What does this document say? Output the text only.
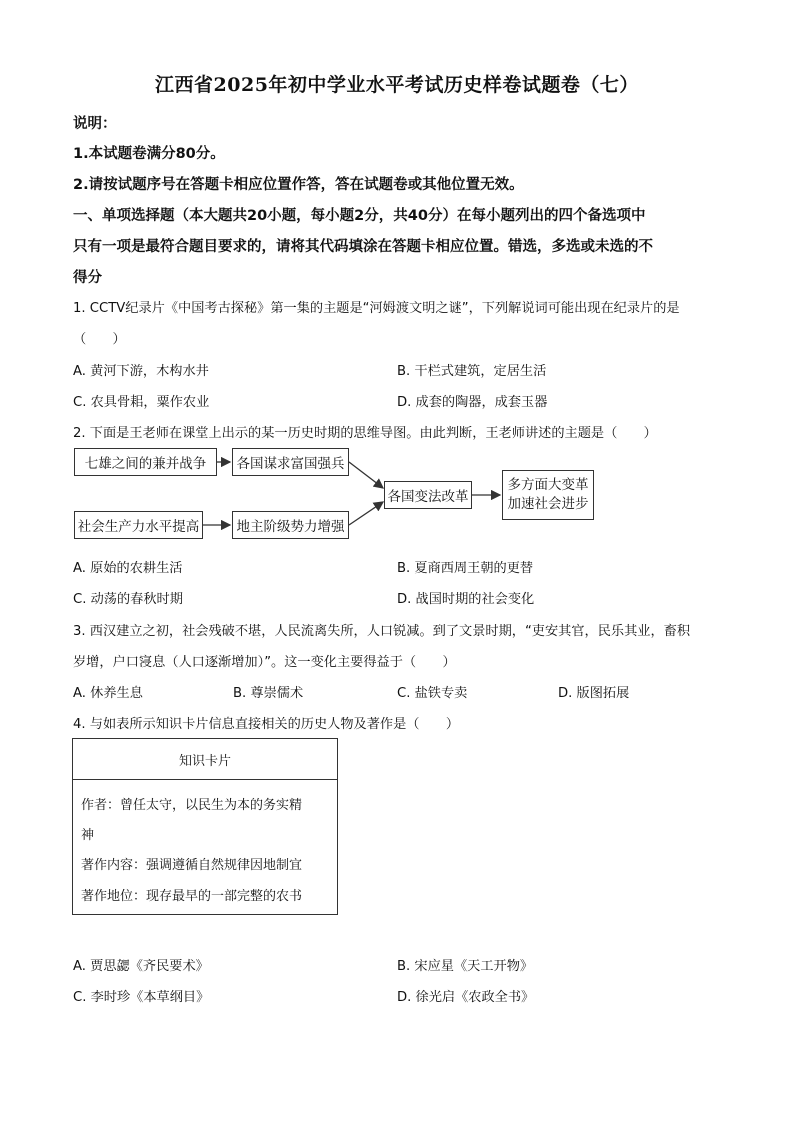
江西省2025年初中学业水平考试历史样卷试题卷（七）
说明：
1.本试题卷满分80分。
2.请按试题序号在答题卡相应位置作答，答在试题卷或其他位置无效。
一、单项选择题（本大题共20小题，每小题2分，共40分）在每小题列出的四个备选项中
只有一项是最符合题目要求的，请将其代码填涂在答题卡相应位置。错选，多选或未选的不
得分
1. CCTV纪录片《中国考古探秘》第一集的主题是“河姆渡文明之谜”，下列解说词可能出现在纪录片的是
（　　）
A. 黄河下游，木构水井	B. 干栏式建筑，定居生活
C. 农具骨耜，粟作农业	D. 成套的陶器，成套玉器
2. 下面是王老师在课堂上出示的某一历史时期的思维导图。由此判断，王老师讲述的主题是（　　）
七雄之间的兼并战争	各国谋求富国强兵
社会生产力水平提高	地主阶级势力增强
各国变法改革
多方面大变革
加速社会进步
A. 原始的农耕生活	B. 夏商西周王朝的更替
C. 动荡的春秋时期	D. 战国时期的社会变化
3. 西汉建立之初，社会残破不堪，人民流离失所，人口锐减。到了文景时期，“吏安其官，民乐其业，畜积
岁增，户口寖息（人口逐渐增加）”。这一变化主要得益于（　　）
A. 休养生息	B. 尊崇儒术	C. 盐铁专卖	D. 版图拓展
4. 与如表所示知识卡片信息直接相关的历史人物及著作是（　　）
知识卡片
作者：曾任太守，以民生为本的务实精
神
著作内容：强调遵循自然规律因地制宜
著作地位：现存最早的一部完整的农书
A. 贾思勰《齐民要术》	B. 宋应星《天工开物》
C. 李时珍《本草纲目》	D. 徐光启《农政全书》
